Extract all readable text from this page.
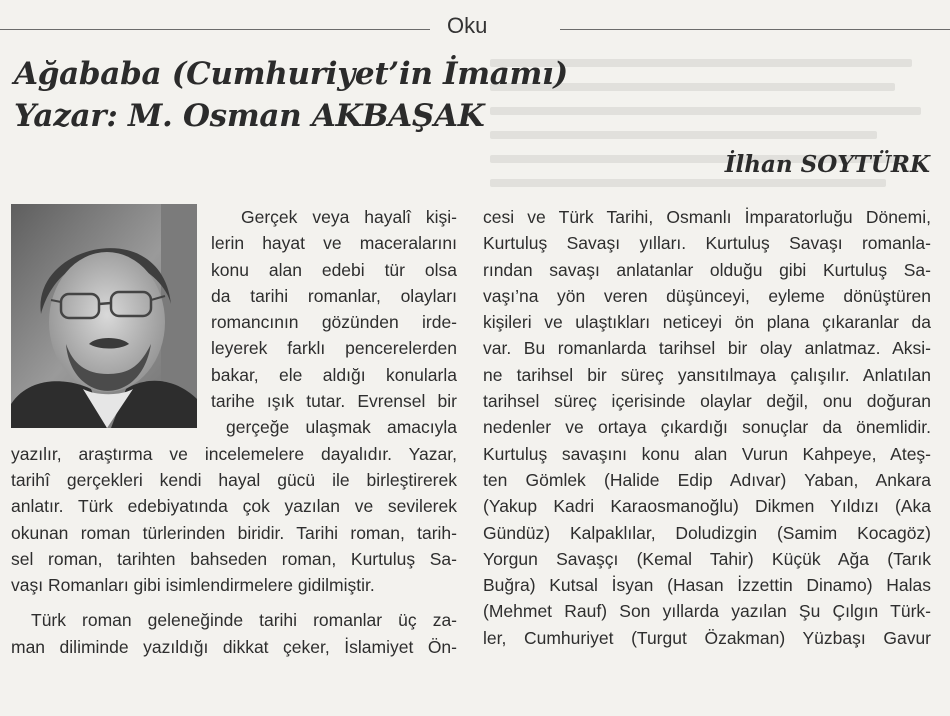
Oku
Ağababa (Cumhuriyet’in İmamı)
Yazar: M. Osman AKBAŞAK
İlhan SOYTÜRK
Gerçek veya hayalî kişi-
lerin hayat ve maceralarını
konu alan edebi tür olsa
da tarihi romanlar, olayları
romancının gözünden irde-
leyerek farklı pencerelerden
bakar, ele aldığı konularla
tarihe ışık tutar. Evrensel bir
gerçeğe ulaşmak amacıyla
yazılır, araştırma ve incelemelere dayalıdır. Yazar,
tarihî gerçekleri kendi hayal gücü ile birleştirerek
anlatır. Türk edebiyatında çok yazılan ve sevilerek
okunan roman türlerinden biridir. Tarihi roman, tarih-
sel roman, tarihten bahseden roman, Kurtuluş Sa-
vaşı Romanları gibi isimlendirmelere gidilmiştir.
Türk roman geleneğinde tarihi romanlar üç za-
man diliminde yazıldığı dikkat çeker, İslamiyet Ön-
cesi ve Türk Tarihi, Osmanlı İmparatorluğu Dönemi,
Kurtuluş Savaşı yılları. Kurtuluş Savaşı romanla-
rından savaşı anlatanlar olduğu gibi Kurtuluş Sa-
vaşı’na yön veren düşünceyi, eyleme dönüştüren
kişileri ve ulaştıkları neticeyi ön plana çıkaranlar da
var. Bu romanlarda tarihsel bir olay anlatmaz. Aksi-
ne tarihsel bir süreç yansıtılmaya çalışılır. Anlatılan
tarihsel süreç içerisinde olaylar değil, onu doğuran
nedenler ve ortaya çıkardığı sonuçlar da önemlidir.
Kurtuluş savaşını konu alan Vurun Kahpeye, Ateş-
ten Gömlek (Halide Edip Adıvar) Yaban, Ankara
(Yakup Kadri Karaosmanoğlu) Dikmen Yıldızı (Aka
Gündüz) Kalpaklılar, Doludizgin (Samim Kocagöz)
Yorgun Savaşçı (Kemal Tahir) Küçük Ağa (Tarık
Buğra) Kutsal İsyan (Hasan İzzettin Dinamo) Halas
(Mehmet Rauf) Son yıllarda yazılan Şu Çılgın Türk-
ler, Cumhuriyet (Turgut Özakman) Yüzbaşı Gavur
